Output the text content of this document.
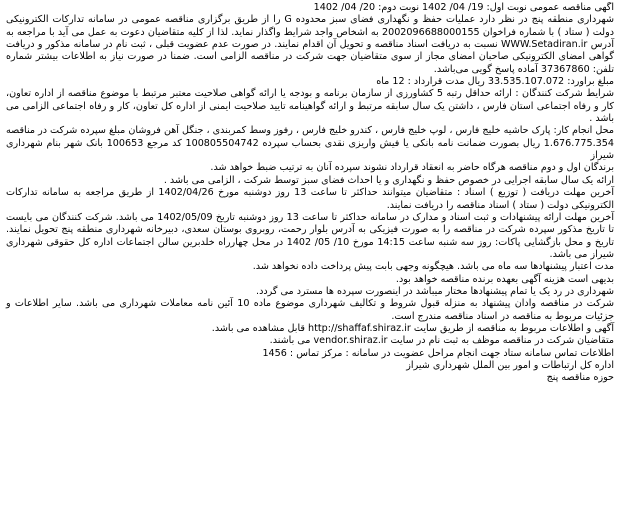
آگهی مناقصه عمومی نوبت اول: 19/ 04/ 1402 نوبت دوم: 20/ 04/ 1402
شهرداری منطقه پنج در نظر دارد عملیات حفظ و نگهداری فضای سبز محدوده G را از طریق برگزاری مناقصه عمومی در سامانه تدارکات الکترونیکی دولت ( ستاد ) با شماره فراخوان 2002096688000155 به اشخاص واجد شرایط واگذار نماید. لذا از کلیه متقاضیان دعوت به عمل می آید با مراجعه به آدرس WWW.Setadiran.ir نسبت به دریافت اسناد مناقصه و تحویل آن اقدام نمایند. در صورت عدم عضویت قبلی ، ثبت نام در سامانه مذکور و دریافت گواهی امضای الکترونیکی صاحبان امضای مجاز از سوی متقاضیان جهت شرکت در مناقصه الزامی است. ضمنا در صورت نیاز به اطلاعات بیشتر شماره تلفن: 37367860 آماده پاسخ گویی می‌باشد.
مبلغ برآورد: 33.535.107.072 ریال مدت قرارداد : 12 ماه
شرایط شرکت کنندگان : ارائه حداقل رتبه 5 کشاورزی از سازمان برنامه و بودجه یا ارائه گواهی صلاحیت معتبر مرتبط با موضوع مناقصه از اداره تعاون، کار و رفاه اجتماعی استان فارس ، داشتن یک سال سابقه مرتبط و ارائه گواهینامه تایید صلاحیت ایمنی از اداره کل تعاون، کار و رفاه اجتماعی الزامی می باشد .
محل انجام کار: پارک حاشیه خلیج فارس ، لوپ خلیج فارس ، کندرو خلیج فارس ، رفوز وسط کمربندی ، جنگل آهن فروشان مبلغ سپرده شرکت در مناقصه 1.676.775.354 ریال بصورت ضمانت نامه بانکی یا فیش واریزی نقدی بحساب سپرده 100805504742 کد مرجع 100653 بانک شهر بنام شهرداری شیراز
برندگان اول و دوم مناقصه هرگاه حاضر به انعقاد قرارداد نشوند سپرده آنان به ترتیب ضبط خواهد شد.
ارائه یک سال سابقه اجرایی در خصوص حفظ و نگهداری و یا احداث فضای سبز توسط شرکت ، الزامی می باشد .
آخرین مهلت دریافت ( توزیع ) اسناد : متقاضیان میتوانند حداکثر تا ساعت 13 روز دوشنبه مورخ 1402/04/26 از طریق مراجعه به سامانه تدارکات الکترونیکی دولت ( ستاد ) اسناد مناقصه را دریافت نمایند.
آخرین مهلت ارائه پیشنهادات و ثبت اسناد و مدارک در سامانه حداکثر تا ساعت 13 روز دوشنبه تاریخ 1402/05/09 می باشد. شرکت کنندگان می بایست تا تاریخ مذکور سپرده شرکت در مناقصه را به صورت فیزیکی به آدرس بلوار رحمت، روبروی بوستان سعدی، دبیرخانه شهرداری منطقه پنج تحویل نمایند. تاریخ و محل بازگشایی پاکات: روز سه شنبه ساعت 14:15 مورخ 10/ 05/ 1402 در محل چهارراه خلدبرین سالن اجتماعات اداره کل حقوقی شهرداری شیراز می باشد.
مدت اعتبار پیشنهادها سه ماه می باشد. هیچگونه وجهی بابت پیش پرداخت داده نخواهد شد.
بدیهی است هزینه آگهی بعهده برنده مناقصه خواهد بود.
شهرداری در رد یک یا تمام پیشنهادها مختار میباشد در اینصورت سپرده ها مسترد می گردد.
شرکت در مناقصه وادان پیشنهاد به منزله قبول شروط و تکالیف شهرداری موضوع ماده 10 آئین نامه معاملات شهرداری می باشد. سایر اطلاعات و جزئیات مربوط به مناقصه در اسناد مناقصه مندرج است.
آگهی و اطلاعات مربوط به مناقصه از طریق سایت http://shaffaf.shiraz.ir قابل مشاهده می باشد.
متقاضیان شرکت در مناقصه موظف به ثبت نام در سایت vendor.shiraz.ir می باشند.
اطلاعات تماس سامانه ستاد جهت انجام مراحل عضویت در سامانه : مرکز تماس : 1456
اداره کل ارتباطات و امور بین الملل شهرداری شیراز
حوزه مناقصه پنج
